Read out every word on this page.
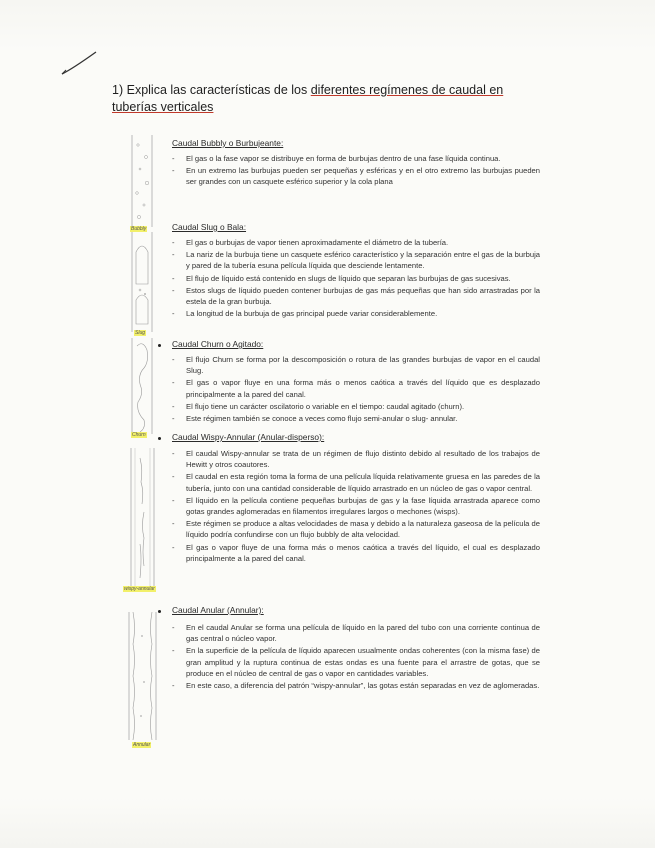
1) Explica las características de los diferentes regímenes de caudal en tuberías verticales
Bubbly
Caudal Bubbly o Burbujeante:
- El gas o la fase vapor se distribuye en forma de burbujas dentro de una fase líquida continua.
- En un extremo las burbujas pueden ser pequeñas y esféricas y en el otro extremo las burbujas pueden ser grandes con un casquete esférico superior y la cola plana
Slug
Caudal Slug o Bala:
- El gas o burbujas de vapor tienen aproximadamente el diámetro de la tubería.
- La nariz de la burbuja tiene un casquete esférico característico y la separación entre el gas de la burbuja y pared de la tubería esuna película líquida que desciende lentamente.
- El flujo de líquido está contenido en slugs de líquido que separan las burbujas de gas sucesivas.
- Estos slugs de líquido pueden contener burbujas de gas más pequeñas que han sido arrastradas por la estela de la gran burbuja.
- La longitud de la burbuja de gas principal puede variar considerablemente.
Churn
Caudal Churn o Agitado:
- El flujo Churn se forma por la descomposición o rotura de las grandes burbujas de vapor en el caudal Slug.
- El gas o vapor fluye en una forma más o menos caótica a través del líquido que es desplazado principalmente a la pared del canal.
- El flujo tiene un carácter oscilatorio o variable en el tiempo: caudal agitado (churn).
- Este régimen también se conoce a veces como flujo semi-anular o slug- annular.
wispy-annular
Caudal Wispy-Annular (Anular-disperso):
- El caudal Wispy-annular se trata de un régimen de flujo distinto debido al resultado de los trabajos de Hewitt y otros coautores.
- El caudal en esta región toma la forma de una película líquida relativamente gruesa en las paredes de la tubería, junto con una cantidad considerable de líquido arrastrado en un núcleo de gas o vapor central.
- El líquido en la película contiene pequeñas burbujas de gas y la fase líquida arrastrada aparece como gotas grandes aglomeradas en filamentos irregulares largos o mechones (wisps).
- Este régimen se produce a altas velocidades de masa y debido a la naturaleza gaseosa de la película de líquido podría confundirse con un flujo bubbly de alta velocidad.
- El gas o vapor fluye de una forma más o menos caótica a través del líquido, el cual es desplazado principalmente a la pared del canal.
Annular
Caudal Anular (Annular):
- En el caudal Anular se forma una película de líquido en la pared del tubo con una corriente continua de gas central o núcleo vapor.
- En la superficie de la película de líquido aparecen usualmente ondas coherentes (con la misma fase) de gran amplitud y la ruptura continua de estas ondas es una fuente para el arrastre de gotas, que se produce en el núcleo de central de gas o vapor en cantidades variables.
- En este caso, a diferencia del patrón “wispy-annular”, las gotas están separadas en vez de aglomeradas.
